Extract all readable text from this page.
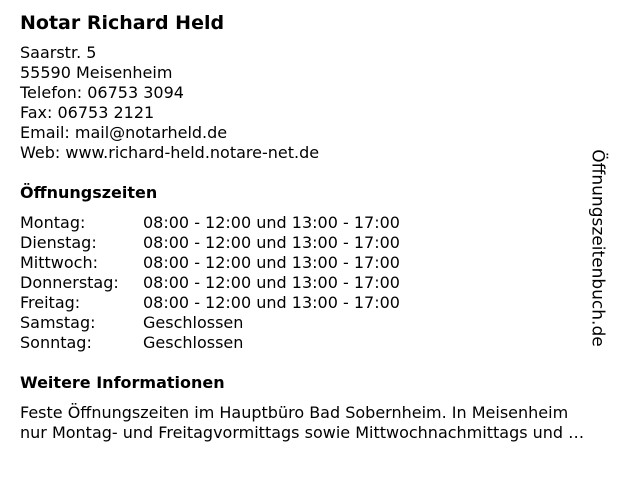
Notar Richard Held
Saarstr. 5
55590 Meisenheim
Telefon: 06753 3094
Fax: 06753 2121
Email: mail@notarheld.de
Web: www.richard-held.notare-net.de
Öffnungszeiten
Montag:	08:00 - 12:00 und 13:00 - 17:00
Dienstag:	08:00 - 12:00 und 13:00 - 17:00
Mittwoch:	08:00 - 12:00 und 13:00 - 17:00
Donnerstag:	08:00 - 12:00 und 13:00 - 17:00
Freitag:	08:00 - 12:00 und 13:00 - 17:00
Samstag:	Geschlossen
Sonntag:	Geschlossen
Weitere Informationen
Feste Öffnungszeiten im Hauptbüro Bad Sobernheim. In Meisenheim
nur Montag- und Freitagvormittags sowie Mittwochnachmittags und …
Öffnungszeitenbuch.de
